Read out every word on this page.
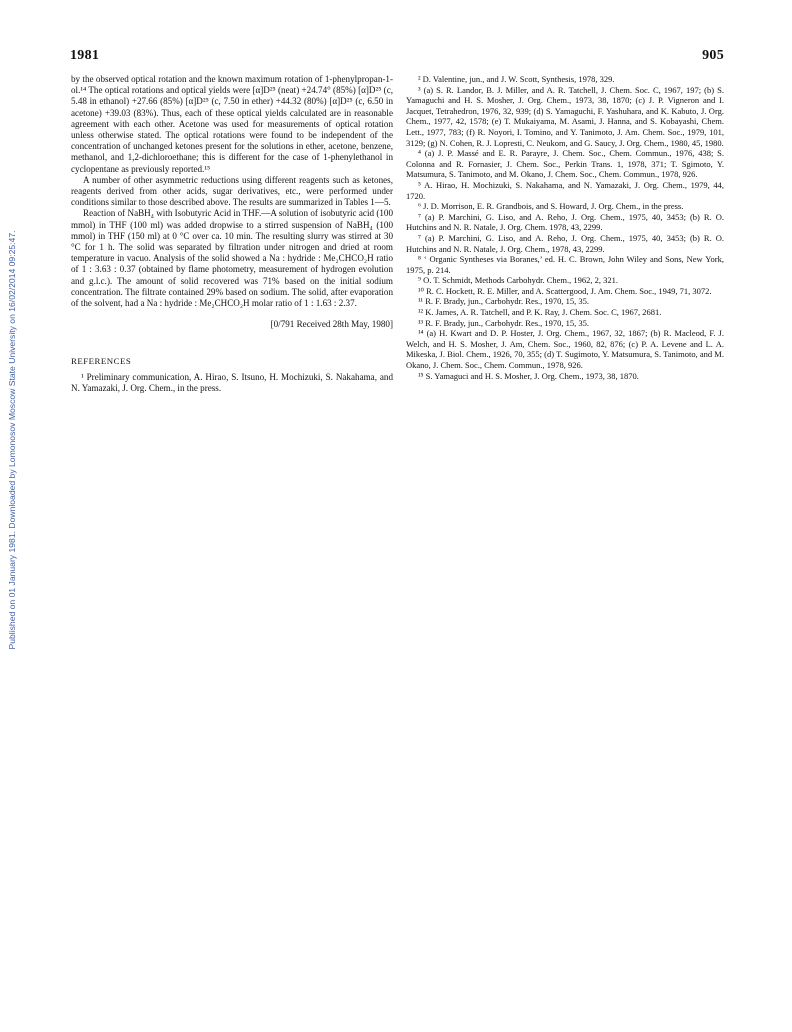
Published on 01 January 1981. Downloaded by Lomonosov Moscow State University on 16/02/2014 09:25:47.
1981	905

by the observed optical rotation and the known maximum rotation of 1-phenylpropan-1-ol.¹⁴ The optical rotations and optical yields were [α]D²⁵ (neat) +24.74° (85%) [α]D²⁵ (c, 5.48 in ethanol) +27.66 (85%) [α]D²⁵ (c, 7.50 in ether) +44.32 (80%) [α]D²⁵ (c, 6.50 in acetone) +39.03 (83%). Thus, each of these optical yields calculated are in reasonable agreement with each other. Acetone was used for measurements of optical rotation unless otherwise stated. The optical rotations were found to be independent of the concentration of unchanged ketones present for the solutions in ether, acetone, benzene, methanol, and 1,2-dichloroethane; this is different for the case of 1-phenylethanol in cyclopentane as previously reported.¹⁵

A number of other asymmetric reductions using different reagents such as ketones, reagents derived from other acids, sugar derivatives, etc., were performed under conditions similar to those described above. The results are summarized in Tables 1—5.

Reaction of NaBH₄ with Isobutyric Acid in THF.—A solution of isobutyric acid (100 mmol) in THF (100 ml) was added dropwise to a stirred suspension of NaBH₄ (100 mmol) in THF (150 ml) at 0 °C over ca. 10 min. The resulting slurry was stirred at 30 °C for 1 h. The solid was separated by filtration under nitrogen and dried at room temperature in vacuo. Analysis of the solid showed a Na : hydride : Me₂CHCO₂H ratio of 1 : 3.63 : 0.37 (obtained by flame photometry, measurement of hydrogen evolution and g.l.c.). The amount of solid recovered was 71% based on the initial sodium concentration. The filtrate contained 29% based on sodium. The solid, after evaporation of the solvent, had a Na : hydride : Me₂CHCO₂H molar ratio of 1 : 1.63 : 2.37.

[0/791 Received 28th May, 1980]

REFERENCES

¹ Preliminary communication, A. Hirao, S. Itsuno, H. Mochizuki, S. Nakahama, and N. Yamazaki, J. Org. Chem., in the press.

² D. Valentine, jun., and J. W. Scott, Synthesis, 1978, 329.

³ (a) S. R. Landor, B. J. Miller, and A. R. Tatchell, J. Chem. Soc. C, 1967, 197; (b) S. Yamaguchi and H. S. Mosher, J. Org. Chem., 1973, 38, 1870; (c) J. P. Vigneron and I. Jacquet, Tetrahedron, 1976, 32, 939; (d) S. Yamaguchi, F. Yashuhara, and K. Kabuto, J. Org. Chem., 1977, 42, 1578; (e) T. Mukaiyama, M. Asami, J. Hanna, and S. Kobayashi, Chem. Lett., 1977, 783; (f) R. Noyori, I. Tomino, and Y. Tanimoto, J. Am. Chem. Soc., 1979, 101, 3129; (g) N. Cohen, R. J. Lopresti, C. Neukom, and G. Saucy, J. Org. Chem., 1980, 45, 1980.

⁴ (a) J. P. Massé and E. R. Parayre, J. Chem. Soc., Chem. Commun., 1976, 438; S. Colonna and R. Fornasier, J. Chem. Soc., Perkin Trans. 1, 1978, 371; T. Sgimoto, Y. Matsumura, S. Tanimoto, and M. Okano, J. Chem. Soc., Chem. Commun., 1978, 926.

⁵ A. Hirao, H. Mochizuki, S. Nakahama, and N. Yamazaki, J. Org. Chem., 1979, 44, 1720.

⁶ J. D. Morrison, E. R. Grandbois, and S. Howard, J. Org. Chem., in the press.

⁷ (a) P. Marchini, G. Liso, and A. Reho, J. Org. Chem., 1975, 40, 3453; (b) R. O. Hutchins and N. R. Natale, J. Org. Chem. 1978, 43, 2299.

⁷ (a) P. Marchini, G. Liso, and A. Reho, J. Org. Chem., 1975, 40, 3453; (b) R. O. Hutchins and N. R. Natale, J. Org. Chem., 1978, 43, 2299.

⁸ ‘ Organic Syntheses via Boranes,’ ed. H. C. Brown, John Wiley and Sons, New York, 1975, p. 214.

⁹ O. T. Schmidt, Methods Carbohydr. Chem., 1962, 2, 321.

¹⁰ R. C. Hockett, R. E. Miller, and A. Scattergood, J. Am. Chem. Soc., 1949, 71, 3072.

¹¹ R. F. Brady, jun., Carbohydr. Res., 1970, 15, 35.

¹² K. James, A. R. Tatchell, and P. K. Ray, J. Chem. Soc. C, 1967, 2681.

¹³ R. F. Brady, jun., Carbohydr. Res., 1970, 15, 35.

¹⁴ (a) H. Kwart and D. P. Hoster, J. Org. Chem., 1967, 32, 1867; (b) R. Macleod, F. J. Welch, and H. S. Mosher, J. Am, Chem. Soc., 1960, 82, 876; (c) P. A. Levene and L. A. Mikeska, J. Biol. Chem., 1926, 70, 355; (d) T. Sugimoto, Y. Matsumura, S. Tanimoto, and M. Okano, J. Chem. Soc., Chem. Commun., 1978, 926.

¹⁵ S. Yamaguci and H. S. Mosher, J. Org. Chem., 1973, 38, 1870.
